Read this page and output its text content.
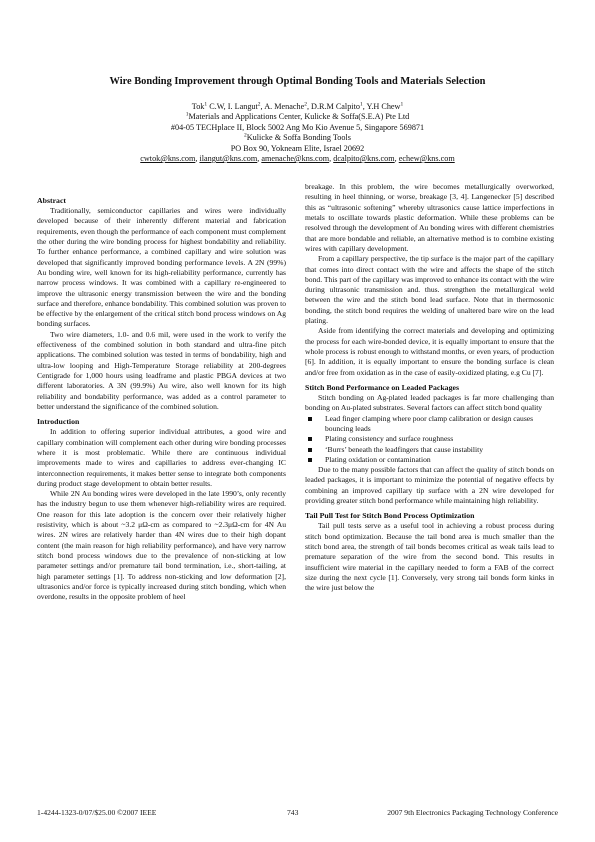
Wire Bonding Improvement through Optimal Bonding Tools and Materials Selection
Tok$^1$ C.W, I. Langut$^2$, A. Menache$^2$, D.R.M Calpito$^1$, Y.H Chew$^1$
$^1$Materials and Applications Center, Kulicke & Soffa(S.E.A) Pte Ltd
#04-05 TECHplace II, Block 5002 Ang Mo Kio Avenue 5, Singapore 569871
$^2$Kulicke & Soffa Bonding Tools
PO Box 90, Yokneam Elite, Israel 20692
cwtok@kns.com, ilangut@kns.com, amenache@kns.com, dcalpito@kns.com, echew@kns.com
Abstract

Traditionally, semiconductor capillaries and wires were individually developed because of their inherently different material and fabrication requirements, even though the performance of each component must complement the other during the wire bonding process for highest bondability and reliability. To further enhance performance, a combined capillary and wire solution was developed that significantly improved bonding performance levels. A 2N (99%) Au bonding wire, well known for its high-reliability performance, currently has narrow process windows. It was combined with a capillary re-engineered to improve the ultrasonic energy transmission between the wire and the bonding surface and therefore, enhance bondability. This combined solution was proven to be effective by the enlargement of the critical stitch bond process windows on Ag bonding surfaces.

Two wire diameters, 1.0- and 0.6 mil, were used in the work to verify the effectiveness of the combined solution in both standard and ultra-fine pitch applications. The combined solution was tested in terms of bondability, high and ultra-low looping and High-Temperature Storage reliability at 200-degrees Centigrade for 1,000 hours using leadframe and plastic PBGA devices at two different laboratories. A 3N (99.9%) Au wire, also well known for its high reliability and bondability performance, was added as a control parameter to better understand the significance of the combined solution.

Introduction

In addition to offering superior individual attributes, a good wire and capillary combination will complement each other during wire bonding processes where it is most problematic. While there are continuous individual improvements made to wires and capillaries to address ever-changing IC interconnection requirements, it makes better sense to integrate both components during product stage development to obtain better results.

While 2N Au bonding wires were developed in the late 1990’s, only recently has the industry begun to use them whenever high-reliability wires are required. One reason for this late adoption is the concern over their relatively higher resistivity, which is about ~3.2 μΩ-cm as compared to ~2.3μΩ-cm for 4N Au wires. 2N wires are relatively harder than 4N wires due to their high dopant content (the main reason for high reliability performance), and have very narrow stitch bond process windows due to the prevalence of non-sticking at low parameter settings and/or premature tail bond termination, i.e., short-tailing, at high parameter settings [1]. To address non-sticking and low deformation [2], ultrasonics and/or force is typically increased during stitch bonding, which when overdone, results in the opposite problem of heel

breakage. In this problem, the wire becomes metallurgically overworked, resulting in heel thinning, or worse, breakage [3, 4]. Langenecker [5] described this as “ultrasonic softening” whereby ultrasonics cause lattice imperfections in metals to oscillate towards plastic deformation. While these problems can be resolved through the development of Au bonding wires with different chemistries that are more bondable and reliable, an alternative method is to combine existing wires with capillary development.

From a capillary perspective, the tip surface is the major part of the capillary that comes into direct contact with the wire and affects the shape of the stitch bond. This part of the capillary was improved to enhance its contact with the wire during ultrasonic transmission and. thus. strengthen the metallurgical weld between the wire and the stitch bond lead surface. Note that in thermosonic bonding, the stitch bond requires the welding of unaltered bare wire on the lead plating.

Aside from identifying the correct materials and developing and optimizing the process for each wire-bonded device, it is equally important to ensure that the whole process is robust enough to withstand months, or even years, of production [6]. In addition, it is equally important to ensure the bonding surface is clean and/or free from oxidation as in the case of easily-oxidized plating, e.g Cu [7].

Stitch Bond Performance on Leaded Packages

Stitch bonding on Ag-plated leaded packages is far more challenging than bonding on Au-plated substrates. Several factors can affect stitch bond quality

Lead finger clamping where poor clamp calibration or design causes bouncing leads
Plating consistency and surface roughness
‘Burrs’ beneath the leadfingers that cause instability
Plating oxidation or contamination

Due to the many possible factors that can affect the quality of stitch bonds on leaded packages, it is important to minimize the potential of negative effects by combining an improved capillary tip surface with a 2N wire developed for providing greater stitch bond performance while maintaining high reliability.

Tail Pull Test for Stitch Bond Process Optimization

Tail pull tests serve as a useful tool in achieving a robust process during stitch bond optimization. Because the tail bond area is much smaller than the stitch bond area, the strength of tail bonds becomes critical as weak tails lead to premature separation of the wire from the second bond. This results in insufficient wire material in the capillary needed to form a FAB of the correct size during the next cycle [1]. Conversely, very strong tail bonds form kinks in the wire just below the

1-4244-1323-0/07/$25.00 ©2007 IEEE	743	2007 9th Electronics Packaging Technology Conference
